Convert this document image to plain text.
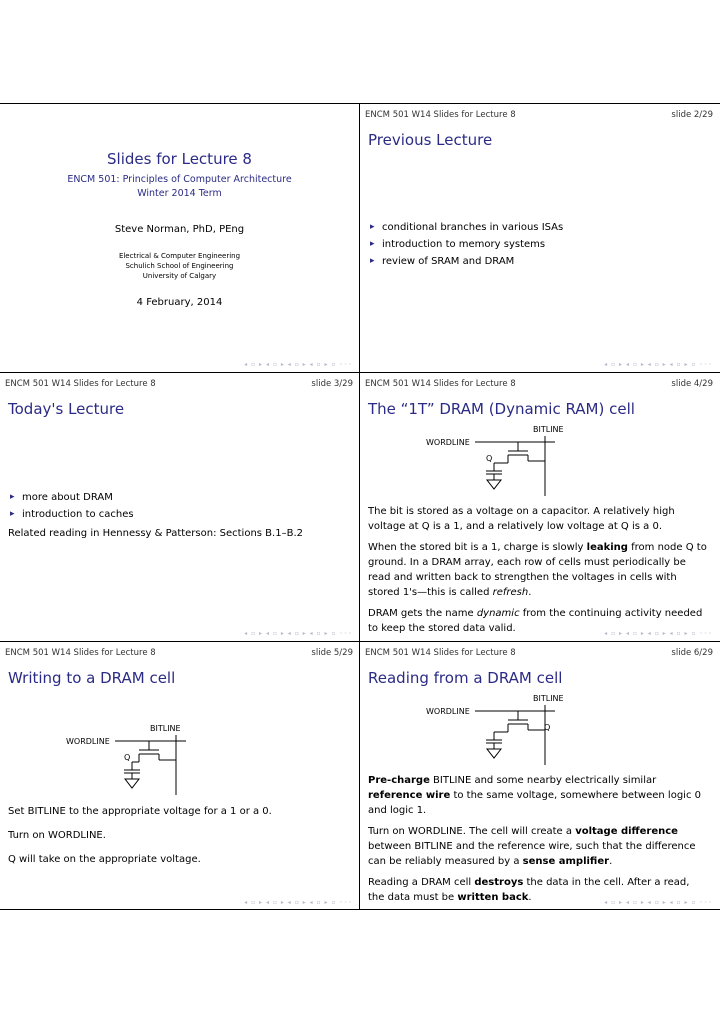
Slides for Lecture 8
ENCM 501: Principles of Computer Architecture
Winter 2014 Term
Steve Norman, PhD, PEng
Electrical & Computer Engineering
Schulich School of Engineering
University of Calgary
4 February, 2014
◂ ▫ ▸ ◂ ▫ ▸ ◂ ▫ ▸ ◂ ▫ ▸ ▫ ◦◦◦
ENCM 501 W14 Slides for Lecture 8	slide 2/29
Previous Lecture
▸ conditional branches in various ISAs
▸ introduction to memory systems
▸ review of SRAM and DRAM
◂ ▫ ▸ ◂ ▫ ▸ ◂ ▫ ▸ ◂ ▫ ▸ ▫ ◦◦◦
ENCM 501 W14 Slides for Lecture 8	slide 3/29
Today's Lecture
▸ more about DRAM
▸ introduction to caches

Related reading in Hennessy & Patterson: Sections B.1–B.2

◂ ▫ ▸ ◂ ▫ ▸ ◂ ▫ ▸ ◂ ▫ ▸ ▫ ◦◦◦
ENCM 501 W14 Slides for Lecture 8	slide 4/29
The “1T” DRAM (Dynamic RAM) cell
BITLINE
WORDLINE
Q

The bit is stored as a voltage on a capacitor. A relatively high voltage at Q is a 1, and a relatively low voltage at Q is a 0.

When the stored bit is a 1, charge is slowly leaking from node Q to ground. In a DRAM array, each row of cells must periodically be read and written back to strengthen the voltages in cells with stored 1's—this is called refresh.

DRAM gets the name dynamic from the continuing activity needed to keep the stored data valid.	◂ ▫ ▸ ◂ ▫ ▸ ◂ ▫ ▸ ◂ ▫ ▸ ▫ ◦◦◦
ENCM 501 W14 Slides for Lecture 8	slide 5/29
Writing to a DRAM cell
BITLINE
WORDLINE
Q

Set BITLINE to the appropriate voltage for a 1 or a 0.

Turn on WORDLINE.

Q will take on the appropriate voltage.

◂ ▫ ▸ ◂ ▫ ▸ ◂ ▫ ▸ ◂ ▫ ▸ ▫ ◦◦◦
ENCM 501 W14 Slides for Lecture 8	slide 6/29
Reading from a DRAM cell
BITLINE
WORDLINE
Q

Pre-charge BITLINE and some nearby electrically similar reference wire to the same voltage, somewhere between logic 0 and logic 1.

Turn on WORDLINE. The cell will create a voltage difference between BITLINE and the reference wire, such that the difference can be reliably measured by a sense amplifier.

Reading a DRAM cell destroys the data in the cell. After a read, the data must be written back.	◂ ▫ ▸ ◂ ▫ ▸ ◂ ▫ ▸ ◂ ▫ ▸ ▫ ◦◦◦
